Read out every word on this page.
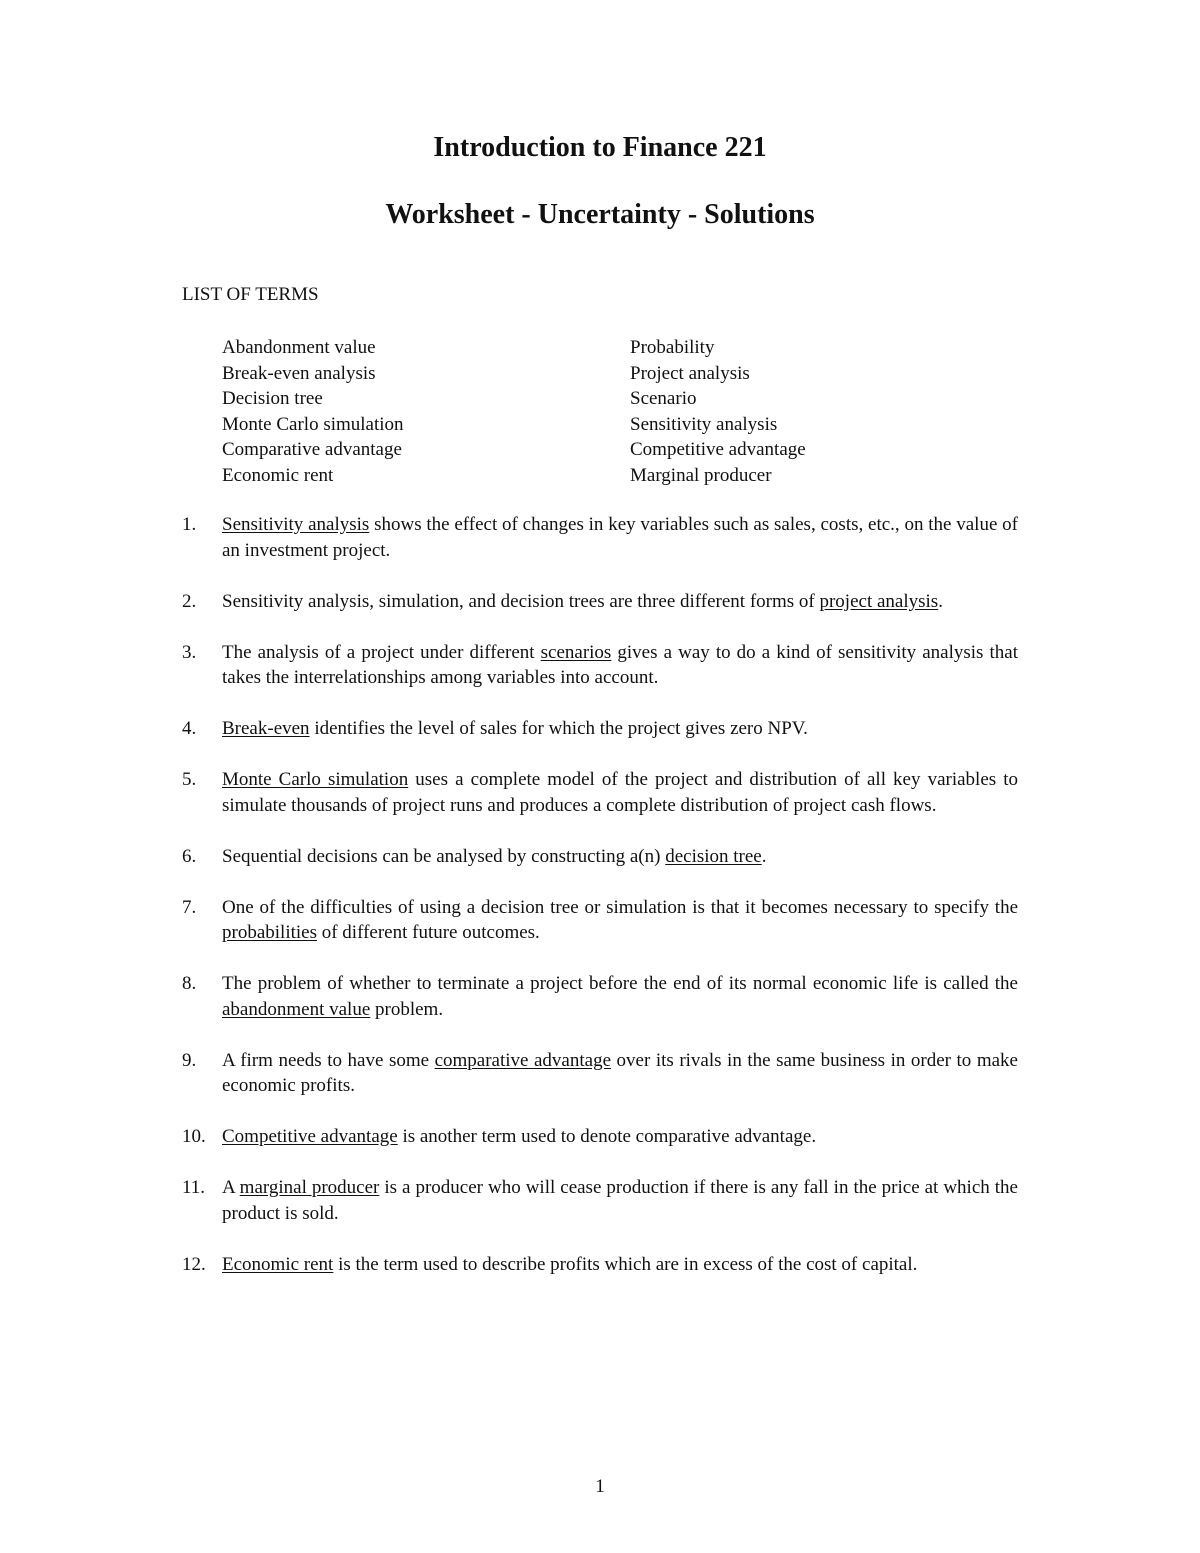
Introduction to Finance 221
Worksheet - Uncertainty - Solutions

LIST OF TERMS

Abandonment value	Probability
Break-even analysis	Project analysis
Decision tree	Scenario
Monte Carlo simulation	Sensitivity analysis
Comparative advantage	Competitive advantage
Economic rent	Marginal producer
1.	Sensitivity analysis shows the effect of changes in key variables such as sales, costs, etc., on the value of an investment project.
2.	Sensitivity analysis, simulation, and decision trees are three different forms of project analysis.
3.	The analysis of a project under different scenarios gives a way to do a kind of sensitivity analysis that takes the interrelationships among variables into account.
4.	Break-even identifies the level of sales for which the project gives zero NPV.
5.	Monte Carlo simulation uses a complete model of the project and distribution of all key variables to simulate thousands of project runs and produces a complete distribution of project cash flows.
6.	Sequential decisions can be analysed by constructing a(n) decision tree.
7.	One of the difficulties of using a decision tree or simulation is that it becomes necessary to specify the probabilities of different future outcomes.
8.	The problem of whether to terminate a project before the end of its normal economic life is called the abandonment value problem.
9.	A firm needs to have some comparative advantage over its rivals in the same business in order to make economic profits.
10. Competitive advantage is another term used to denote comparative advantage.
11. A marginal producer is a producer who will cease production if there is any fall in the price at which the product is sold.
12. Economic rent is the term used to describe profits which are in excess of the cost of capital.
1
